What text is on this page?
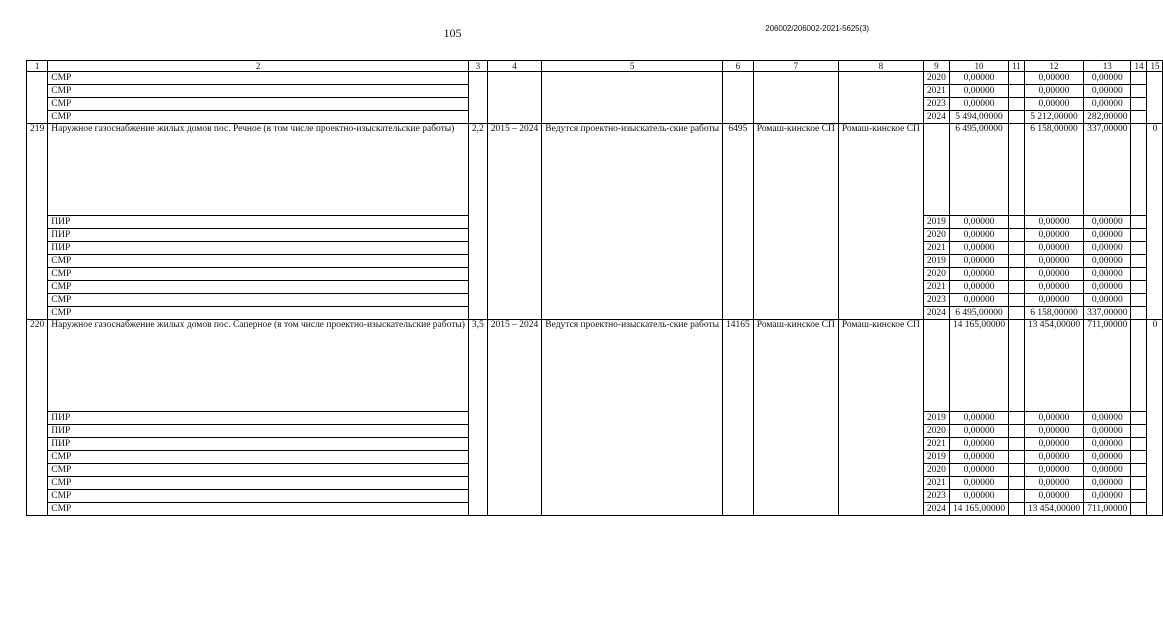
105	206002/206002-2021-5625(3)
1	2	3	4	5	6	7	8	9	10	11	12	13	14	15
	СМР							2020	0,00000		0,00000	0,00000		
	СМР							2021	0,00000		0,00000	0,00000		
	СМР							2023	0,00000		0,00000	0,00000		
	СМР							2024	5 494,00000		5 212,00000	282,00000		
219	Наружное газоснабжение жилых домов пос. Речное (в том числе проектно-изыскательские работы)	2,2	2015 – 2024	Ведутся проектно-изыскатель-ские работы	6495	Ромаш-кинское СП	Ромаш-кинское СП		6 495,00000		6 158,00000	337,00000		0
	ПИР							2019	0,00000		0,00000	0,00000		
	ПИР							2020	0,00000		0,00000	0,00000		
	ПИР							2021	0,00000		0,00000	0,00000		
	СМР							2019	0,00000		0,00000	0,00000		
	СМР							2020	0,00000		0,00000	0,00000		
	СМР							2021	0,00000		0,00000	0,00000		
	СМР							2023	0,00000		0,00000	0,00000		
	СМР							2024	6 495,00000		6 158,00000	337,00000		
220	Наружное газоснабжение жилых домов пос. Саперное (в том числе проектно-изыскательские работы)	3,5	2015 – 2024	Ведутся проектно-изыскатель-ские работы	14165	Ромаш-кинское СП	Ромаш-кинское СП		14 165,00000		13 454,00000	711,00000		0
	ПИР							2019	0,00000		0,00000	0,00000		
	ПИР							2020	0,00000		0,00000	0,00000		
	ПИР							2021	0,00000		0,00000	0,00000		
	СМР							2019	0,00000		0,00000	0,00000		
	СМР							2020	0,00000		0,00000	0,00000		
	СМР							2021	0,00000		0,00000	0,00000		
	СМР							2023	0,00000		0,00000	0,00000		
	СМР							2024	14 165,00000		13 454,00000	711,00000		
